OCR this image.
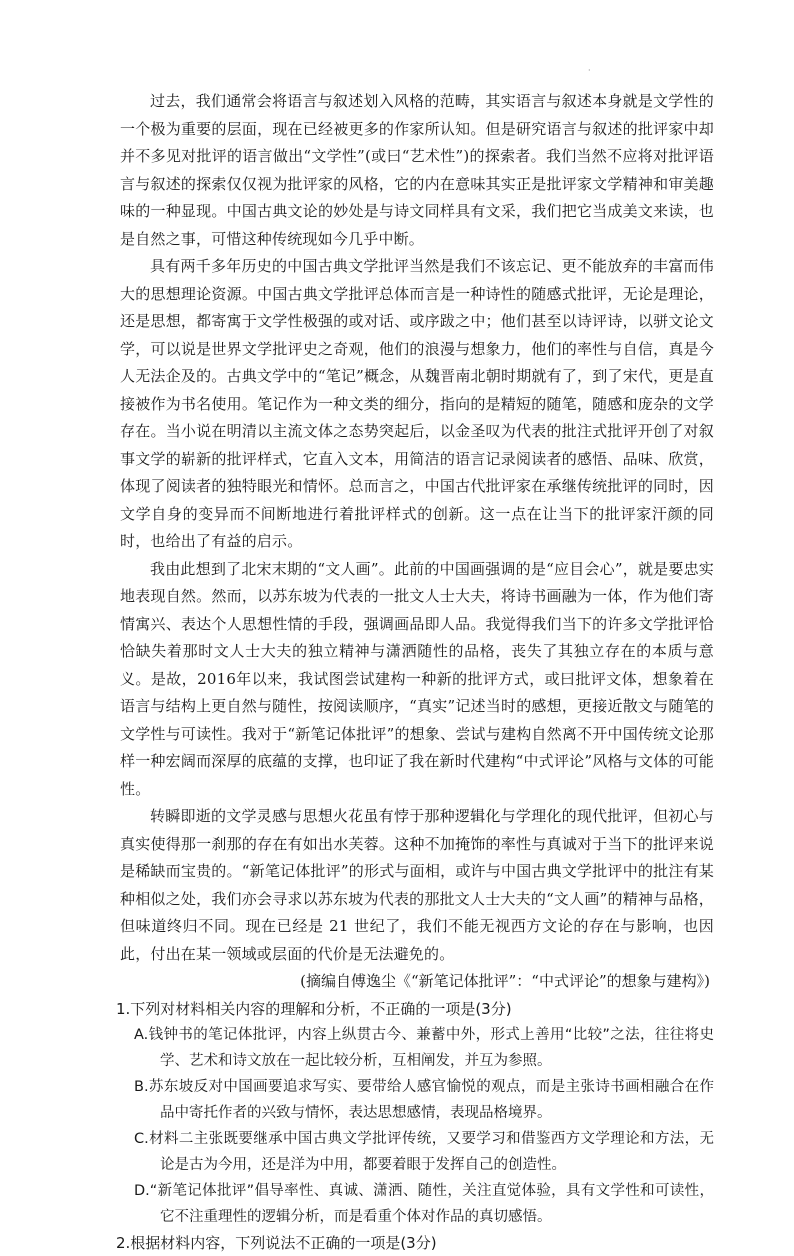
·

过去，我们通常会将语言与叙述划入风格的范畴，其实语言与叙述本身就是文学性的一个极为重要的层面，现在已经被更多的作家所认知。但是研究语言与叙述的批评家中却并不多见对批评的语言做出“文学性”(或曰“艺术性”)的探索者。我们当然不应将对批评语言与叙述的探索仅仅视为批评家的风格，它的内在意味其实正是批评家文学精神和审美趣味的一种显现。中国古典文论的妙处是与诗文同样具有文采，我们把它当成美文来读，也是自然之事，可惜这种传统现如今几乎中断。

具有两千多年历史的中国古典文学批评当然是我们不该忘记、更不能放弃的丰富而伟大的思想理论资源。中国古典文学批评总体而言是一种诗性的随感式批评，无论是理论，还是思想，都寄寓于文学性极强的或对话、或序跋之中；他们甚至以诗评诗，以骈文论文学，可以说是世界文学批评史之奇观，他们的浪漫与想象力，他们的率性与自信，真是今人无法企及的。古典文学中的“笔记”概念，从魏晋南北朝时期就有了，到了宋代，更是直接被作为书名使用。笔记作为一种文类的细分，指向的是精短的随笔，随感和庞杂的文学存在。当小说在明清以主流文体之态势突起后，以金圣叹为代表的批注式批评开创了对叙事文学的崭新的批评样式，它直入文本，用简洁的语言记录阅读者的感悟、品味、欣赏，体现了阅读者的独特眼光和情怀。总而言之，中国古代批评家在承继传统批评的同时，因文学自身的变异而不间断地进行着批评样式的创新。这一点在让当下的批评家汗颜的同时，也给出了有益的启示。

我由此想到了北宋末期的“文人画”。此前的中国画强调的是“应目会心”，就是要忠实地表现自然。然而，以苏东坡为代表的一批文人士大夫，将诗书画融为一体，作为他们寄情寓兴、表达个人思想性情的手段，强调画品即人品。我觉得我们当下的许多文学批评恰恰缺失着那时文人士大夫的独立精神与潇洒随性的品格，丧失了其独立存在的本质与意义。是故，2016年以来，我试图尝试建构一种新的批评方式，或曰批评文体，想象着在语言与结构上更自然与随性，按阅读顺序，“真实”记述当时的感想，更接近散文与随笔的文学性与可读性。我对于“新笔记体批评”的想象、尝试与建构自然离不开中国传统文论那样一种宏阔而深厚的底蕴的支撑，也印证了我在新时代建构“中式评论”风格与文体的可能性。

转瞬即逝的文学灵感与思想火花虽有悖于那种逻辑化与学理化的现代批评，但初心与真实使得那一刹那的存在有如出水芙蓉。这种不加掩饰的率性与真诚对于当下的批评来说是稀缺而宝贵的。“新笔记体批评”的形式与面相，或许与中国古典文学批评中的批注有某种相似之处，我们亦会寻求以苏东坡为代表的那批文人士大夫的“文人画”的精神与品格，但味道终归不同。现在已经是 21 世纪了，我们不能无视西方文论的存在与影响，也因此，付出在某一领域或层面的代价是无法避免的。

(摘编自傅逸尘《“新笔记体批评”：“中式评论”的想象与建构》)

1.下列对材料相关内容的理解和分析，不正确的一项是(3分)

A.钱钟书的笔记体批评，内容上纵贯古今、兼蓄中外，形式上善用“比较”之法，往往将史学、艺术和诗文放在一起比较分析，互相阐发，并互为参照。

B.苏东坡反对中国画要追求写实、要带给人感官愉悦的观点，而是主张诗书画相融合在作品中寄托作者的兴致与情怀，表达思想感情，表现品格境界。

C.材料二主张既要继承中国古典文学批评传统，又要学习和借鉴西方文学理论和方法，无论是古为今用，还是洋为中用，都要着眼于发挥自己的创造性。

D.“新笔记体批评”倡导率性、真诚、潇洒、随性，关注直觉体验，具有文学性和可读性，它不注重理性的逻辑分析，而是看重个体对作品的真切感悟。

2.根据材料内容，下列说法不正确的一项是(3分)
